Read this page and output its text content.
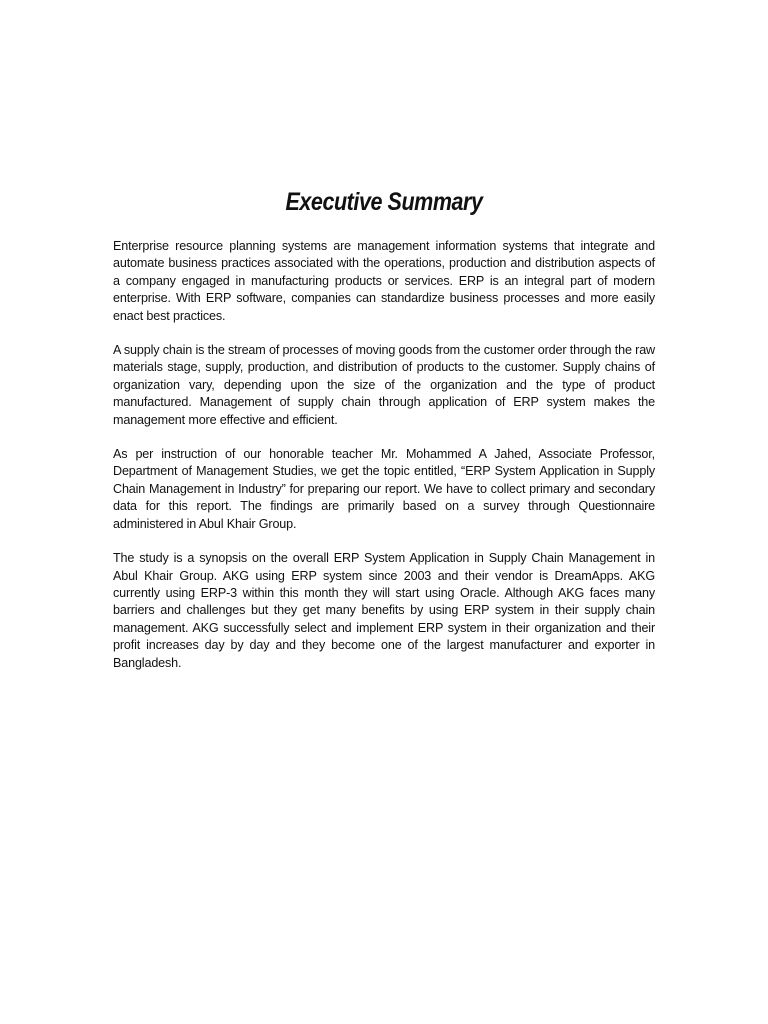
Executive Summary

Enterprise resource planning systems are management information systems that integrate and automate business practices associated with the operations, production and distribution aspects of a company engaged in manufacturing products or services. ERP is an integral part of modern enterprise. With ERP software, companies can standardize business processes and more easily enact best practices.

A supply chain is the stream of processes of moving goods from the customer order through the raw materials stage, supply, production, and distribution of products to the customer. Supply chains of organization vary, depending upon the size of the organization and the type of product manufactured. Management of supply chain through application of ERP system makes the management more effective and efficient.

As per instruction of our honorable teacher Mr. Mohammed A Jahed, Associate Professor, Department of Management Studies, we get the topic entitled, “ERP System Application in Supply Chain Management in Industry” for preparing our report. We have to collect primary and secondary data for this report. The findings are primarily based on a survey through Questionnaire administered in Abul Khair Group.

The study is a synopsis on the overall ERP System Application in Supply Chain Management in Abul Khair Group. AKG using ERP system since 2003 and their vendor is DreamApps. AKG currently using ERP-3 within this month they will start using Oracle. Although AKG faces many barriers and challenges but they get many benefits by using ERP system in their supply chain management. AKG successfully select and implement ERP system in their organization and their profit increases day by day and they become one of the largest manufacturer and exporter in Bangladesh.
